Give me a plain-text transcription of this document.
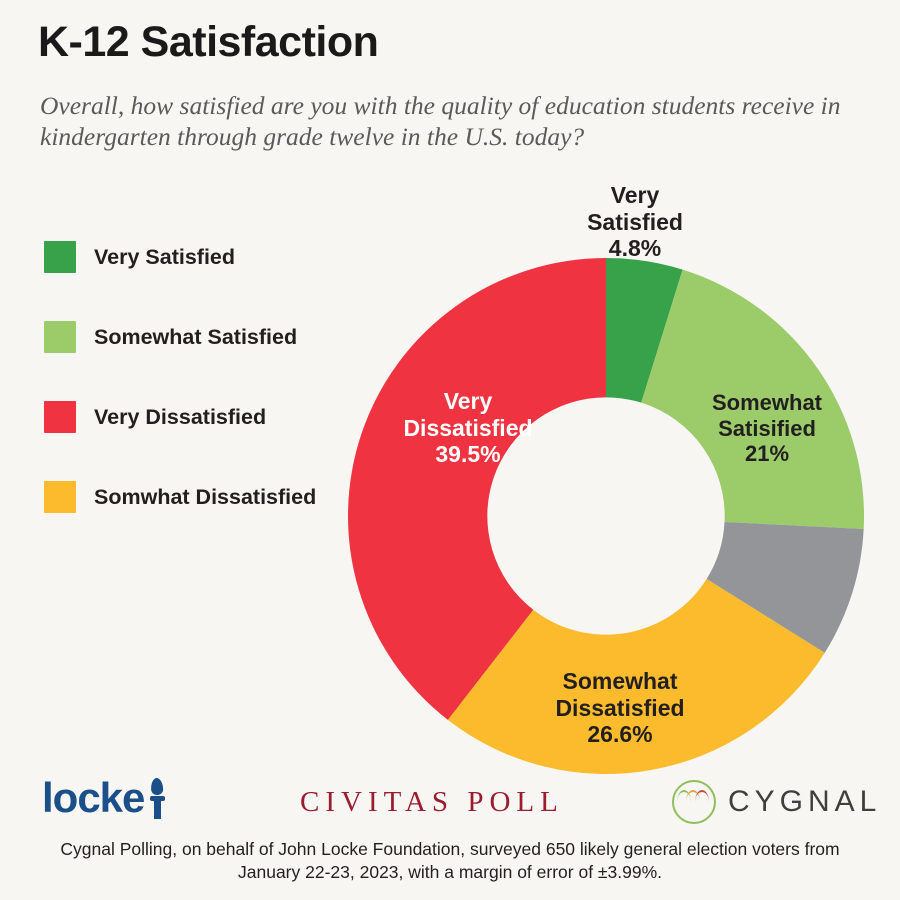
K-12 Satisfaction
Overall, how satisfied are you with the quality of education students receive in kindergarten through grade twelve in the U.S. today?
Very Satisfied
Somewhat Satisfied
Very Dissatisfied
Somwhat Dissatisfied
Very
Satisfied
4.8%
Somewhat
Satisified
21%
Very
Dissatisfied
39.5%
Somewhat
Dissatisfied
26.6%
locke	CIVITAS POLL	CYGNAL
Cygnal Polling, on behalf of John Locke Foundation, surveyed 650 likely general election voters from
January 22-23, 2023, with a margin of error of ±3.99%.
